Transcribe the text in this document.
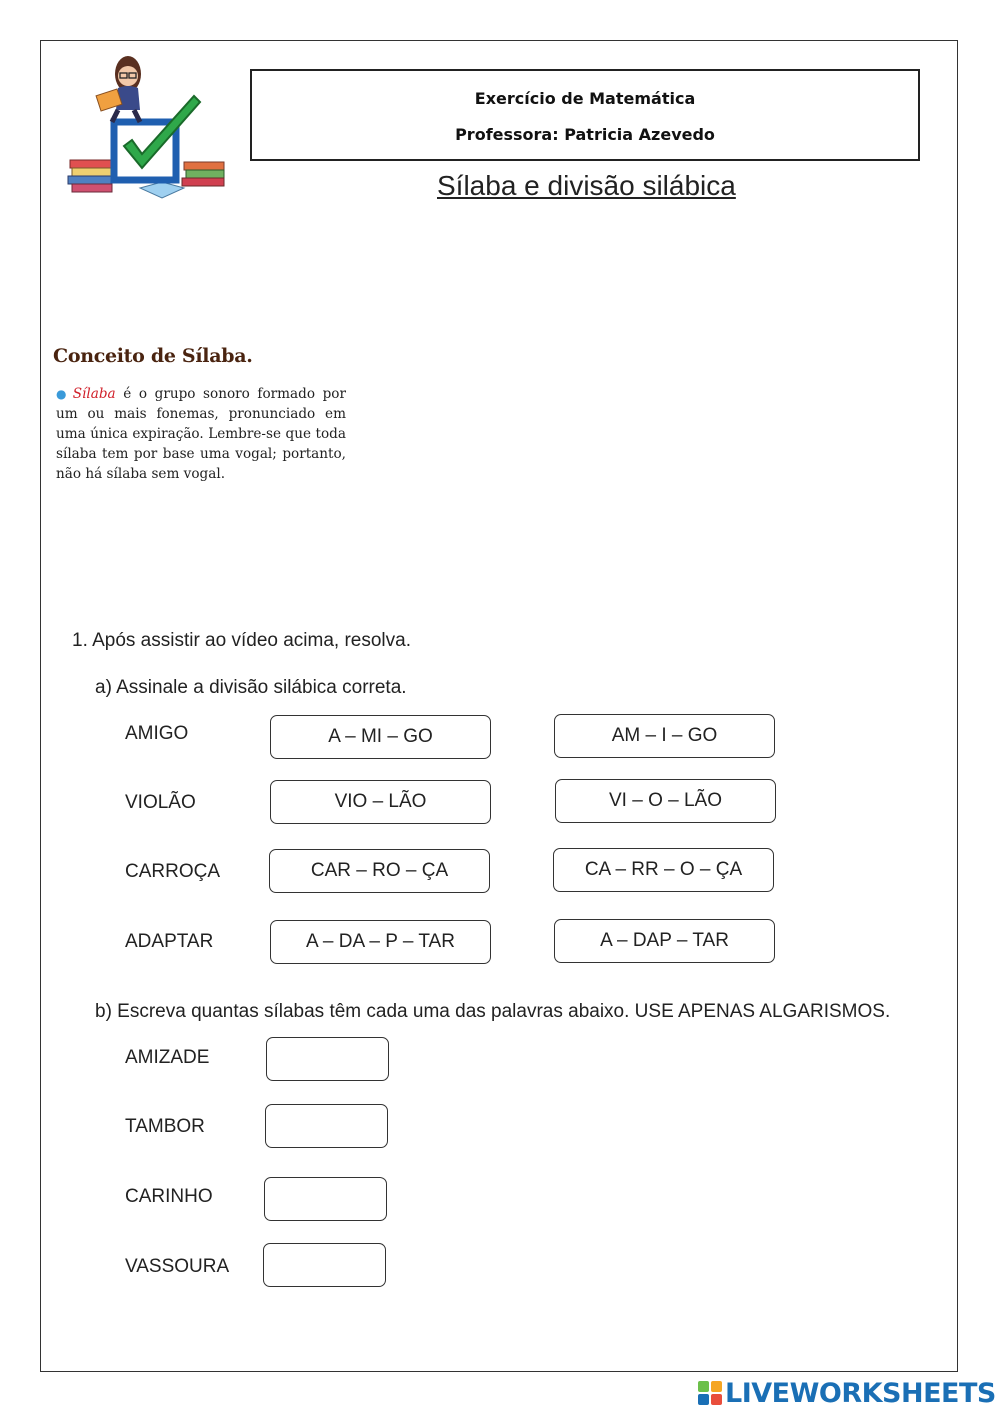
Exercício de Matemática
Professora: Patricia Azevedo
Sílaba e divisão silábica
Conceito de Sílaba.
● Sílaba é o grupo sonoro formado por um ou mais fonemas, pronunciado em uma única expiração. Lembre-se que toda sílaba tem por base uma vogal; portanto, não há sílaba sem vogal.
1. Após assistir ao vídeo acima, resolva.
a) Assinale a divisão silábica correta.
AMIGO	A – MI – GO	AM – I – GO
VIOLÃO	VIO – LÃO	VI – O – LÃO
CARROÇA	CAR – RO – ÇA	CA – RR – O – ÇA
ADAPTAR	A – DA – P – TAR	A – DAP – TAR
b) Escreva quantas sílabas têm cada uma das palavras abaixo. USE APENAS ALGARISMOS.
AMIZADE
TAMBOR
CARINHO
VASSOURA
LIVEWORKSHEETS
